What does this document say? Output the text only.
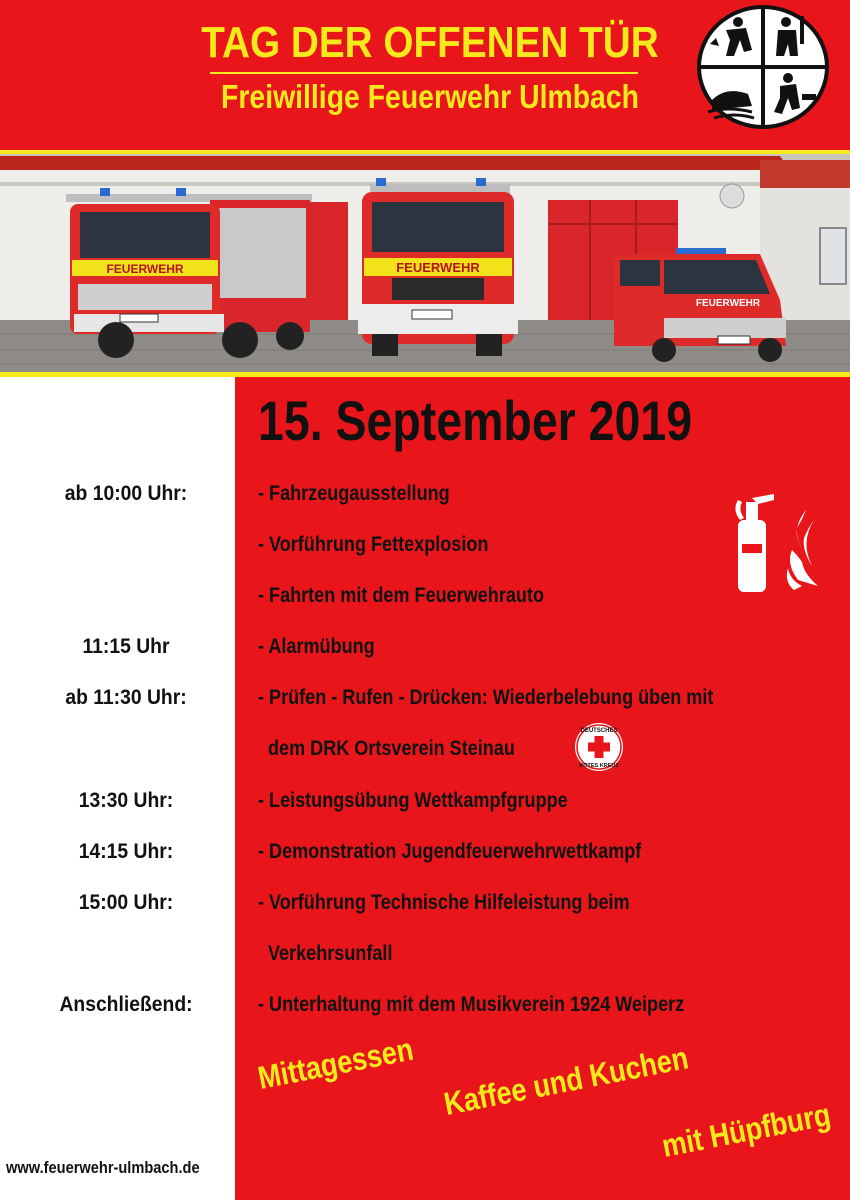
TAG DER OFFENEN TÜR
Freiwillige Feuerwehr Ulmbach
FEUERWEHR	FEUERWEHR
FEUERWEHR
15. September 2019
ab 10:00 Uhr:	- Fahrzeugausstellung
- Vorführung Fettexplosion
- Fahrten mit dem Feuerwehrauto
11:15 Uhr	- Alarmübung
ab 11:30 Uhr:	- Prüfen - Rufen - Drücken: Wiederbelebung üben mit
dem DRK Ortsverein Steinau
13:30 Uhr:	- Leistungsübung Wettkampfgruppe
14:15 Uhr:	- Demonstration Jugendfeuerwehrwettkampf
15:00 Uhr:	- Vorführung Technische Hilfeleistung beim
Verkehrsunfall
Anschließend:	- Unterhaltung mit dem Musikverein 1924 Weiperz
DEUTSCHES
ROTES KREUZ
Mittagessen Kaffee und Kuchen
mit Hüpfburg
www.feuerwehr-ulmbach.de
